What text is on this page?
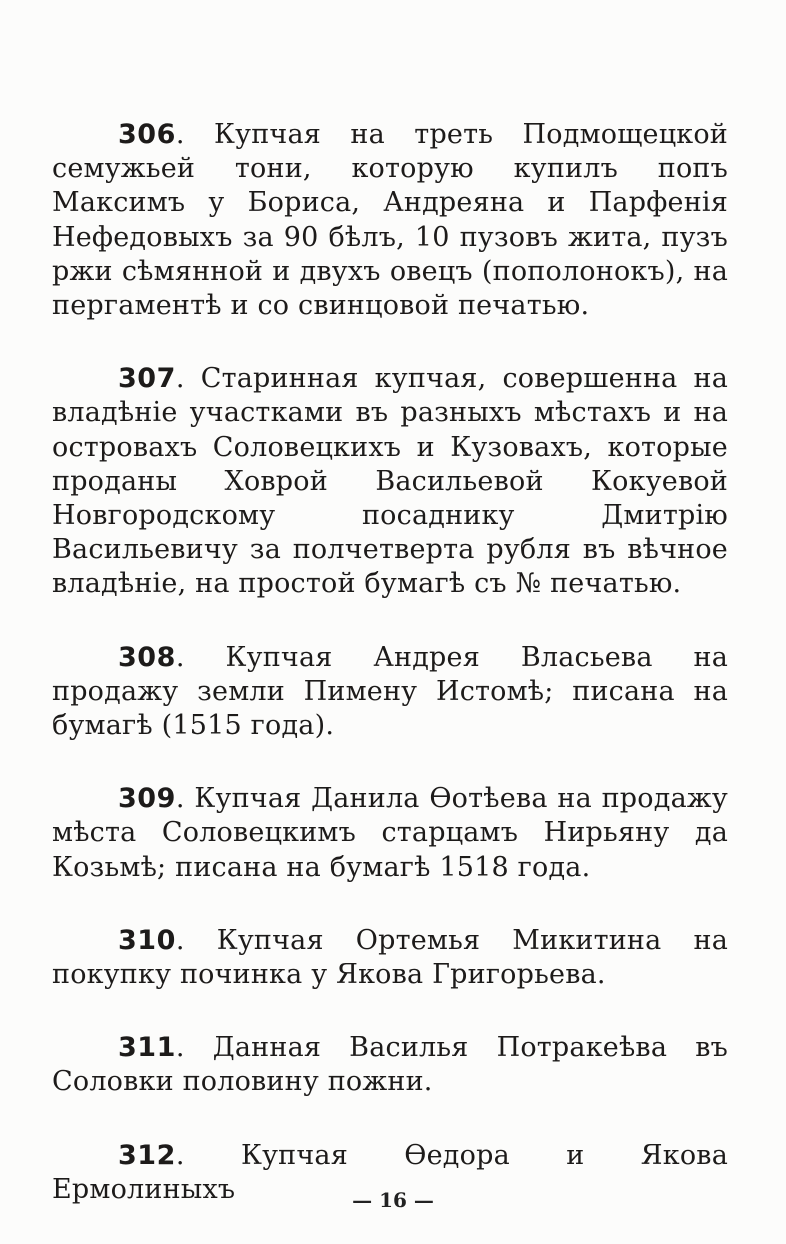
306. Купчая на треть Подмощецкой семужьей тони, которую купилъ попъ Максимъ у Бориса, Андреяна и Парфенія Нефедовыхъ за 90 бѣлъ, 10 пузовъ жита, пузъ ржи сѣмянной и двухъ овецъ (пополонокъ), на пергаментѣ и со свинцовой печатью.

307. Старинная купчая, совершенна на владѣніе участками въ разныхъ мѣстахъ и на островахъ Соловецкихъ и Кузовахъ, которые проданы Ховрой Васильевой Кокуевой Новгородскому посаднику Дмитрію Васильевичу за полчетверта рубля въ вѣчное владѣніе, на простой бумагѣ съ № печатью.

308. Купчая Андрея Власьева на продажу земли Пимену Истомѣ; писана на бумагѣ (1515 года).

309. Купчая Данила Ѳотѣева на продажу мѣста Соловецкимъ старцамъ Нирьяну да Козьмѣ; писана на бумагѣ 1518 года.

310. Купчая Ортемья Микитина на покупку починка у Якова Григорьева.

311. Данная Василья Потракеѣва въ Соловки половину пожни.

312. Купчая Ѳедора и Якова Ермолиныхъ	— 16 —
